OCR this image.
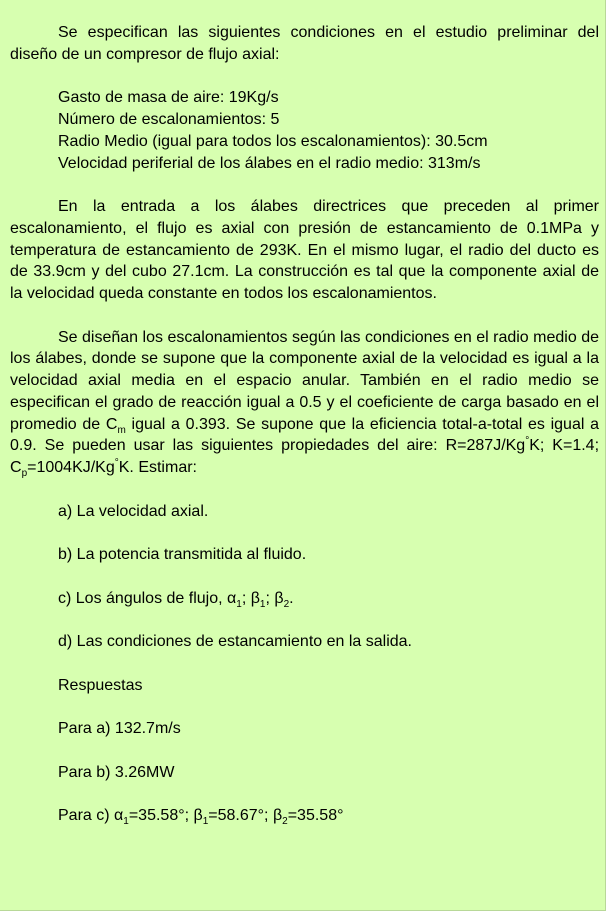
Se especifican las siguientes condiciones en el estudio preliminar del diseño de un compresor de flujo axial:

Gasto de masa de aire: 19Kg/s

Número de escalonamientos: 5

Radio Medio (igual para todos los escalonamientos): 30.5cm

Velocidad periferial de los álabes en el radio medio: 313m/s

En la entrada a los álabes directrices que preceden al primer escalonamiento, el flujo es axial con presión de estancamiento de 0.1MPa y temperatura de estancamiento de 293K. En el mismo lugar, el radio del ducto es de 33.9cm y del cubo 27.1cm. La construcción es tal que la componente axial de la velocidad queda constante en todos los escalonamientos.

Se diseñan los escalonamientos según las condiciones en el radio medio de los álabes, donde se supone que la componente axial de la velocidad es igual a la velocidad axial media en el espacio anular. También en el radio medio se especifican el grado de reacción igual a 0.5 y el coeficiente de carga basado en el promedio de $C_m$ igual a 0.393. Se supone que la eficiencia total-a-total es igual a 0.9. Se pueden usar las siguientes propiedades del aire: R=287J/Kg°K; K=1.4; $C_p=1004KJ/Kg^\circ K$. Estimar:

a) La velocidad axial.

b) La potencia transmitida al fluido.

c) Los ángulos de flujo, $\alpha_1$; $\beta_1$; $\beta_2$.

d) Las condiciones de estancamiento en la salida.

Respuestas

Para a) 132.7m/s

Para b) 3.26MW

Para c) $\alpha_1=35.58^\circ$; $\beta_1=58.67^\circ$; $\beta_2=35.58^\circ$
